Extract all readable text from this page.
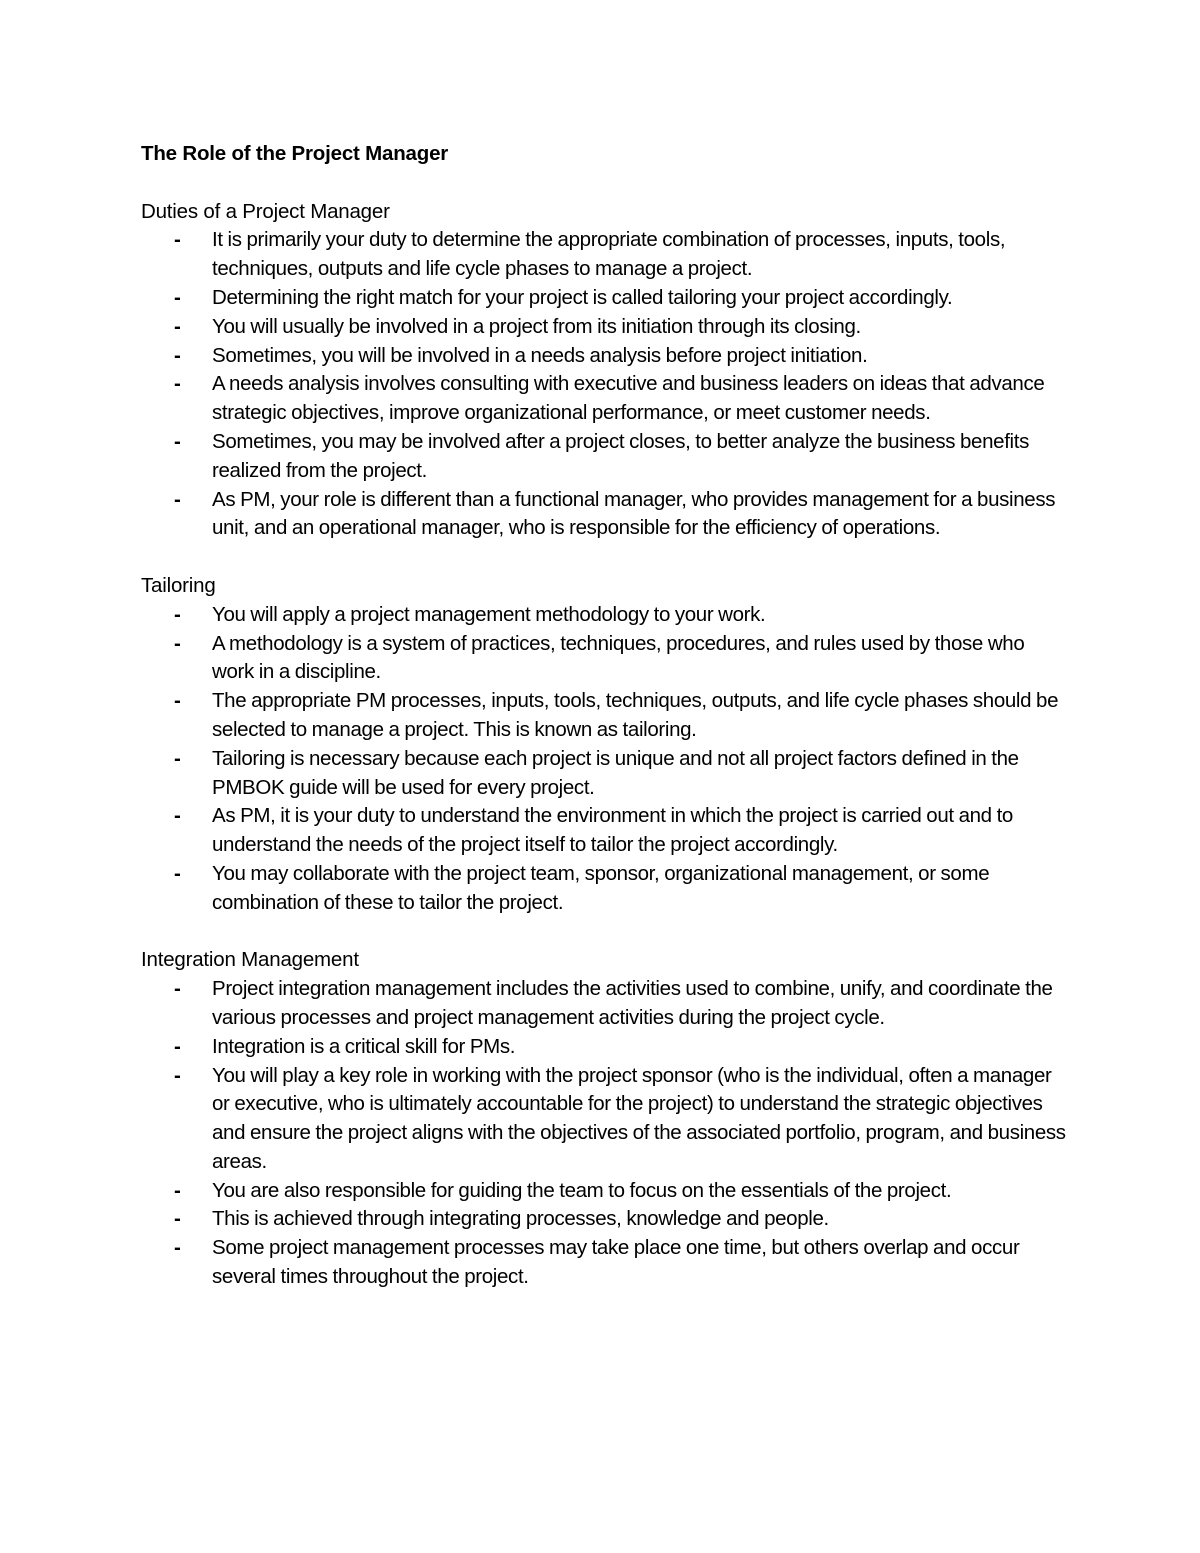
The Role of the Project Manager
Duties of a Project Manager
- It is primarily your duty to determine the appropriate combination of processes, inputs, tools, techniques, outputs and life cycle phases to manage a project.
- Determining the right match for your project is called tailoring your project accordingly.
- You will usually be involved in a project from its initiation through its closing.
- Sometimes, you will be involved in a needs analysis before project initiation.
- A needs analysis involves consulting with executive and business leaders on ideas that advance strategic objectives, improve organizational performance, or meet customer needs.
- Sometimes, you may be involved after a project closes, to better analyze the business benefits realized from the project.
- As PM, your role is different than a functional manager, who provides management for a business unit, and an operational manager, who is responsible for the efficiency of operations.
Tailoring
- You will apply a project management methodology to your work.
- A methodology is a system of practices, techniques, procedures, and rules used by those who work in a discipline.
- The appropriate PM processes, inputs, tools, techniques, outputs, and life cycle phases should be selected to manage a project. This is known as tailoring.
- Tailoring is necessary because each project is unique and not all project factors defined in the PMBOK guide will be used for every project.
- As PM, it is your duty to understand the environment in which the project is carried out and to understand the needs of the project itself to tailor the project accordingly.
- You may collaborate with the project team, sponsor, organizational management, or some combination of these to tailor the project.
Integration Management
- Project integration management includes the activities used to combine, unify, and coordinate the various processes and project management activities during the project cycle.
- Integration is a critical skill for PMs.
- You will play a key role in working with the project sponsor (who is the individual, often a manager or executive, who is ultimately accountable for the project) to understand the strategic objectives and ensure the project aligns with the objectives of the associated portfolio, program, and business areas.
- You are also responsible for guiding the team to focus on the essentials of the project.
- This is achieved through integrating processes, knowledge and people.
- Some project management processes may take place one time, but others overlap and occur several times throughout the project.
